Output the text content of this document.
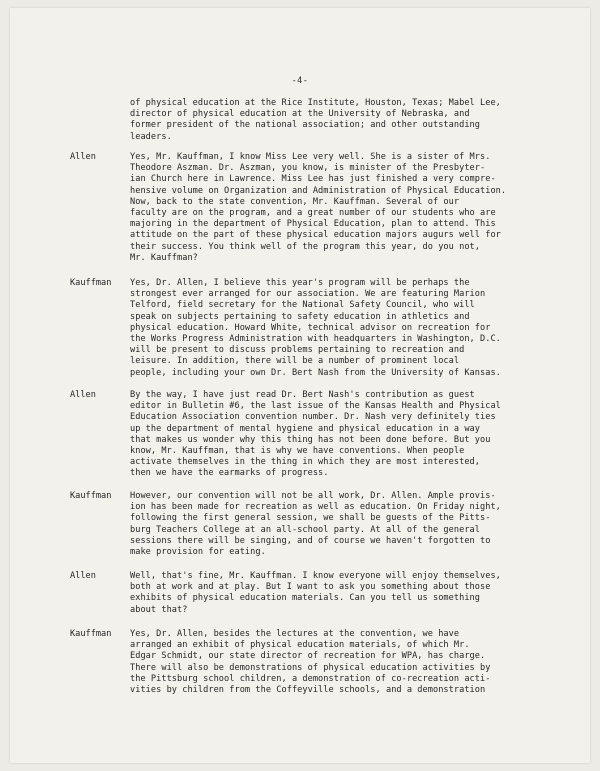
-4-
of physical education at the Rice Institute, Houston, Texas; Mabel Lee,
director of physical education at the University of Nebraska, and
former president of the national association; and other outstanding
leaders.
Allen	Yes, Mr. Kauffman, I know Miss Lee very well. She is a sister of Mrs.
Theodore Aszman. Dr. Aszman, you know, is minister of the Presbyter-
ian Church here in Lawrence. Miss Lee has just finished a very compre-
hensive volume on Organization and Administration of Physical Education.
Now, back to the state convention, Mr. Kauffman. Several of our
faculty are on the program, and a great number of our students who are
majoring in the department of Physical Education, plan to attend. This
attitude on the part of these physical education majors augurs well for
their success. You think well of the program this year, do you not,
Mr. Kauffman?
Kauffman Yes, Dr. Allen, I believe this year's program will be perhaps the
strongest ever arranged for our association. We are featuring Marion
Telford, field secretary for the National Safety Council, who will
speak on subjects pertaining to safety education in athletics and
physical education. Howard White, technical advisor on recreation for
the Works Progress Administration with headquarters in Washington, D.C.
will be present to discuss problems pertaining to recreation and
leisure. In addition, there will be a number of prominent local
people, including your own Dr. Bert Nash from the University of Kansas.
Allen	By the way, I have just read Dr. Bert Nash's contribution as guest
editor in Bulletin #6, the last issue of the Kansas Health and Physical
Education Association convention number. Dr. Nash very definitely ties
up the department of mental hygiene and physical education in a way
that makes us wonder why this thing has not been done before. But you
know, Mr. Kauffman, that is why we have conventions. When people
activate themselves in the thing in which they are most interested,
then we have the earmarks of progress.
Kauffman However, our convention will not be all work, Dr. Allen. Ample provis-
ion has been made for recreation as well as education. On Friday night,
following the first general session, we shall be guests of the Pitts-
burg Teachers College at an all-school party. At all of the general
sessions there will be singing, and of course we haven't forgotten to
make provision for eating.
Allen	Well, that's fine, Mr. Kauffman. I know everyone will enjoy themselves,
both at work and at play. But I want to ask you something about those
exhibits of physical education materials. Can you tell us something
about that?
Kauffman Yes, Dr. Allen, besides the lectures at the convention, we have
arranged an exhibit of physical education materials, of which Mr.
Edgar Schmidt, our state director of recreation for WPA, has charge.
There will also be demonstrations of physical education activities by
the Pittsburg school children, a demonstration of co-recreation acti-
vities by children from the Coffeyville schools, and a demonstration
